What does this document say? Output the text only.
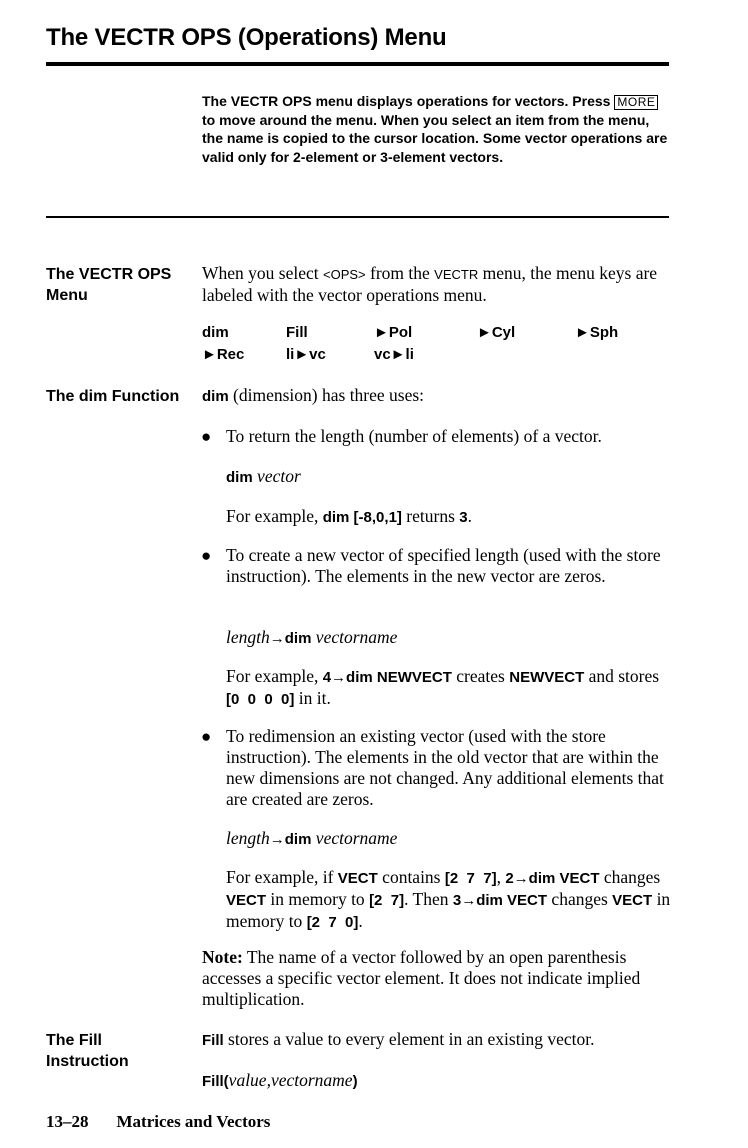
The VECTR OPS (Operations) Menu
The VECTR OPS menu displays operations for vectors. Press MORE to move around the menu. When you select an item from the menu, the name is copied to the cursor location. Some vector operations are valid only for 2-element or 3-element vectors.
The VECTR OPS
Menu
When you select <OPS> from the VECTR menu, the menu keys are labeled with the vector operations menu.
dim	Fill	►Pol	►Cyl	►Sph
►Rec	li►vc	vc►li
The dim Function	dim (dimension) has three uses:
● To return the length (number of elements) of a vector.
dim vector
For example, dim [-8,0,1] returns 3.
● To create a new vector of specified length (used with the store instruction). The elements in the new vector are zeros.
length→dim vectorname
For example, 4→dim NEWVECT creates NEWVECT and stores [0  0  0  0] in it.
● To redimension an existing vector (used with the store instruction). The elements in the old vector that are within the new dimensions are not changed. Any additional elements that are created are zeros.
length→dim vectorname
For example, if VECT contains [2  7  7], 2→dim VECT changes VECT in memory to [2  7]. Then 3→dim VECT changes VECT in memory to [2  7  0].
Note: The name of a vector followed by an open parenthesis accesses a specific vector element. It does not indicate implied multiplication.
The Fill
Instruction
Fill stores a value to every element in an existing vector.
Fill(value,vectorname)
13–28 Matrices and Vectors
